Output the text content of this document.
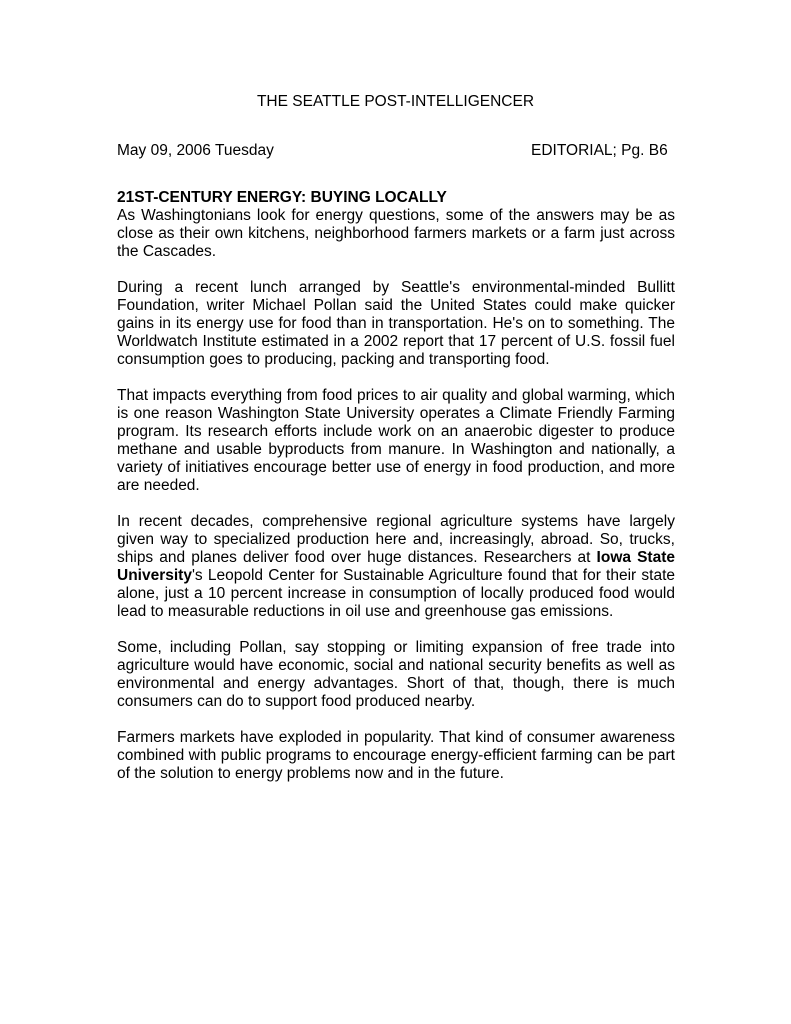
THE SEATTLE POST-INTELLIGENCER
May 09, 2006 Tuesday	EDITORIAL; Pg. B6

21ST-CENTURY ENERGY: BUYING LOCALLY

As Washingtonians look for energy questions, some of the answers may be as
close as their own kitchens, neighborhood farmers markets or a farm just across
the Cascades.

During a recent lunch arranged by Seattle's environmental-minded Bullitt
Foundation, writer Michael Pollan said the United States could make quicker
gains in its energy use for food than in transportation. He's on to something. The
Worldwatch Institute estimated in a 2002 report that 17 percent of U.S. fossil fuel
consumption goes to producing, packing and transporting food.

That impacts everything from food prices to air quality and global warming, which
is one reason Washington State University operates a Climate Friendly Farming
program. Its research efforts include work on an anaerobic digester to produce
methane and usable byproducts from manure. In Washington and nationally, a
variety of initiatives encourage better use of energy in food production, and more
are needed.

In recent decades, comprehensive regional agriculture systems have largely
given way to specialized production here and, increasingly, abroad. So, trucks,
ships and planes deliver food over huge distances. Researchers at Iowa State
University's Leopold Center for Sustainable Agriculture found that for their state
alone, just a 10 percent increase in consumption of locally produced food would
lead to measurable reductions in oil use and greenhouse gas emissions.

Some, including Pollan, say stopping or limiting expansion of free trade into
agriculture would have economic, social and national security benefits as well as
environmental and energy advantages. Short of that, though, there is much
consumers can do to support food produced nearby.

Farmers markets have exploded in popularity. That kind of consumer awareness
combined with public programs to encourage energy-efficient farming can be part
of the solution to energy problems now and in the future.
